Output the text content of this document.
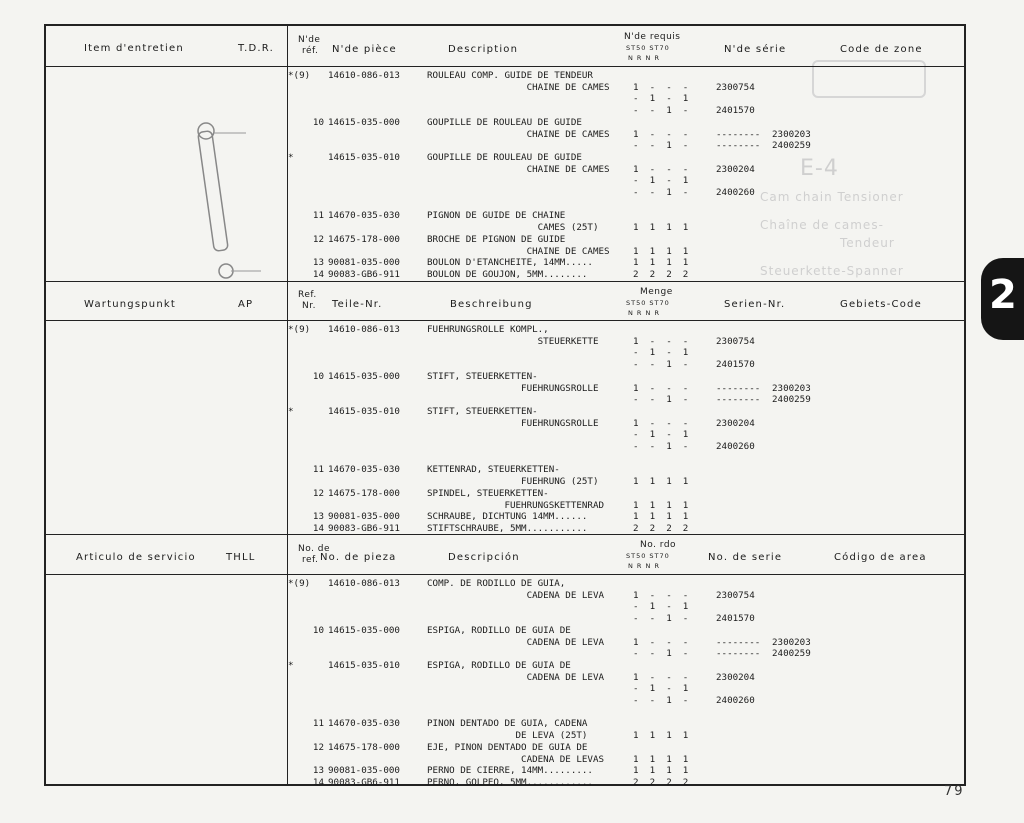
E-4
Cam chain Tensioner
Chaîne de cames-
Tendeur
Steuerkette-Spanner
Item d'entretien	T.D.R.
N'de
réf. N'de pièce	Description
N'de requis
ST50 ST70
N R N R
N'de série	Code de zone
*(9) 14610-086-013	ROULEAU COMP. GUIDE DE TENDEUR
CHAINE DE CAMES	1  -  -  -	2300754
-  1  -  1
-  -  1  -	2401570
10 14615-035-000	GOUPILLE DE ROULEAU DE GUIDE
CHAINE DE CAMES	1  -  -  -	-------- 2300203
-  -  1  -	-------- 2400259
*	14615-035-010	GOUPILLE DE ROULEAU DE GUIDE
CHAINE DE CAMES	1  -  -  -	2300204
-  1  -  1
-  -  1  -	2400260
11 14670-035-030	PIGNON DE GUIDE DE CHAINE
CAMES (25T)	1  1  1  1
12 14675-178-000	BROCHE DE PIGNON DE GUIDE
CHAINE DE CAMES	1  1  1  1
13 90081-035-000	BOULON D'ETANCHEITE, 14MM.....	1  1  1  1
14 90083-GB6-911	BOULON DE GOUJON, 5MM........	2  2  2  2
Wartungspunkt	AP
Ref.
Nr. Teile-Nr.	Beschreibung
Menge
ST50 ST70
N R N R
Serien-Nr.	Gebiets-Code
*(9) 14610-086-013	FUEHRUNGSROLLE KOMPL.,
STEUERKETTE	1  -  -  -	2300754
-  1  -  1
-  -  1  -	2401570
10 14615-035-000	STIFT, STEUERKETTEN-
FUEHRUNGSROLLE	1  -  -  -	-------- 2300203
-  -  1  -	-------- 2400259
*	14615-035-010	STIFT, STEUERKETTEN-
FUEHRUNGSROLLE	1  -  -  -	2300204
-  1  -  1
-  -  1  -	2400260
11 14670-035-030	KETTENRAD, STEUERKETTEN-
FUEHRUNG (25T)	1  1  1  1
12 14675-178-000	SPINDEL, STEUERKETTEN-
FUEHRUNGSKETTENRAD	1  1  1  1
13 90081-035-000	SCHRAUBE, DICHTUNG 14MM......	1  1  1  1
14 90083-GB6-911	STIFTSCHRAUBE, 5MM...........	2  2  2  2
Articulo de servicio	THLL
No. de
ref. No. de pieza	Descripción
No. rdo
ST50 ST70
N R N R
No. de serie	Código de area
*(9) 14610-086-013	COMP. DE RODILLO DE GUIA,
CADENA DE LEVA	1  -  -  -	2300754
-  1  -  1
-  -  1  -	2401570
10 14615-035-000	ESPIGA, RODILLO DE GUIA DE
CADENA DE LEVA	1  -  -  -	-------- 2300203
-  -  1  -	-------- 2400259
*	14615-035-010	ESPIGA, RODILLO DE GUIA DE
CADENA DE LEVA	1  -  -  -	2300204
-  1  -  1
-  -  1  -	2400260
11 14670-035-030	PINON DENTADO DE GUIA, CADENA
DE LEVA (25T)	1  1  1  1
12 14675-178-000	EJE, PINON DENTADO DE GUIA DE
CADENA DE LEVAS	1  1  1  1
13 90081-035-000	PERNO DE CIERRE, 14MM.........	1  1  1  1
14 90083-GB6-911	PERNO, GOLPEO, 5MM............	2  2  2  2
2
79
